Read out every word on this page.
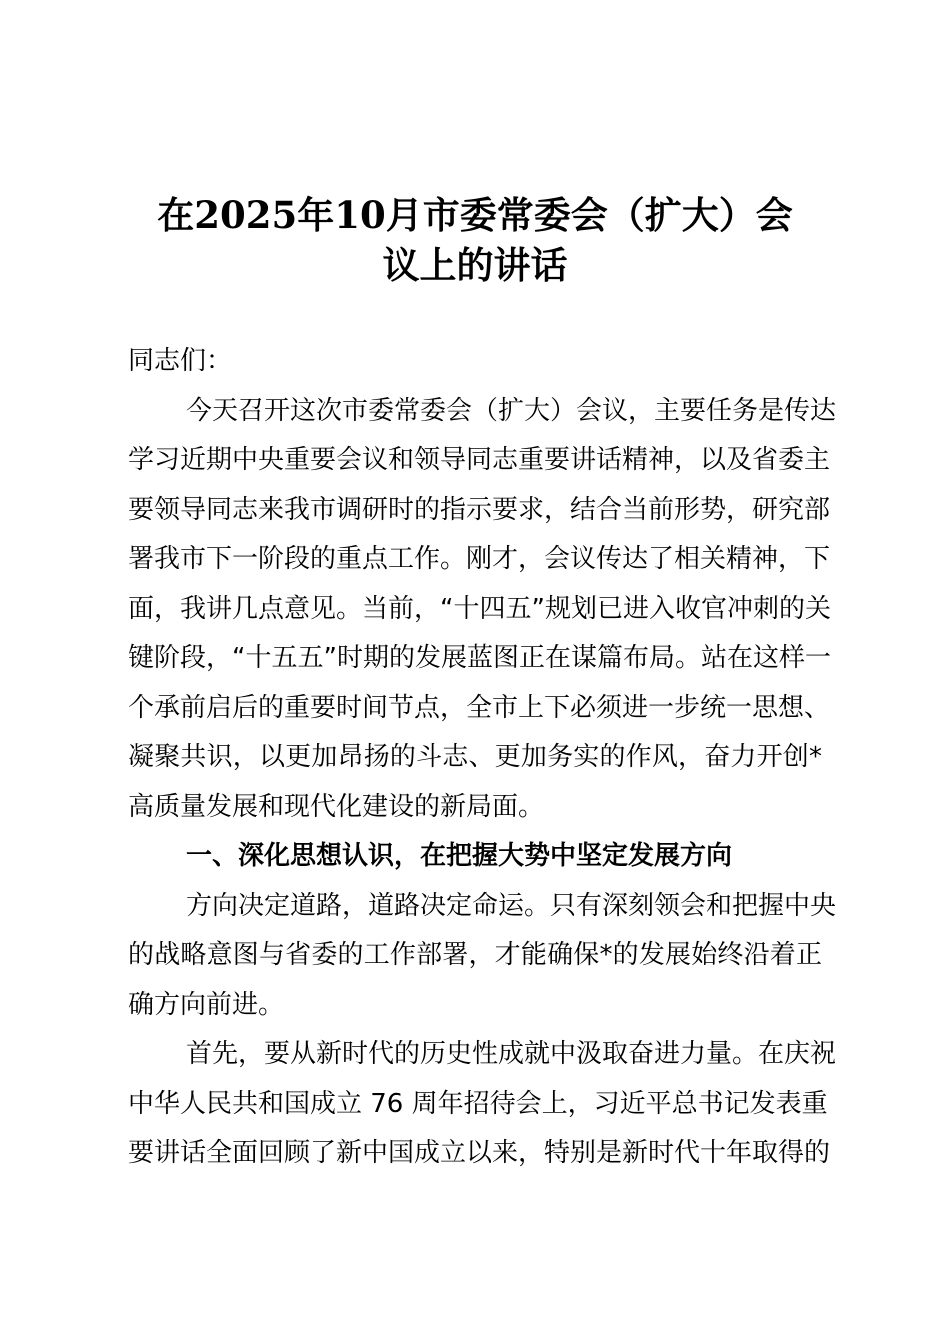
在2025年10月市委常委会（扩大）会
议上的讲话
同志们：
今天召开这次市委常委会（扩大）会议，主要任务是传达
学习近期中央重要会议和领导同志重要讲话精神，以及省委主
要领导同志来我市调研时的指示要求，结合当前形势，研究部
署我市下一阶段的重点工作。刚才，会议传达了相关精神，下
面，我讲几点意见。当前，“十四五”规划已进入收官冲刺的关
键阶段，“十五五”时期的发展蓝图正在谋篇布局。站在这样一
个承前启后的重要时间节点，全市上下必须进一步统一思想、
凝聚共识，以更加昂扬的斗志、更加务实的作风，奋力开创*
高质量发展和现代化建设的新局面。
一、深化思想认识，在把握大势中坚定发展方向
方向决定道路，道路决定命运。只有深刻领会和把握中央
的战略意图与省委的工作部署，才能确保*的发展始终沿着正
确方向前进。
首先，要从新时代的历史性成就中汲取奋进力量。在庆祝
中华人民共和国成立 76 周年招待会上，习近平总书记发表重
要讲话全面回顾了新中国成立以来，特别是新时代十年取得的
